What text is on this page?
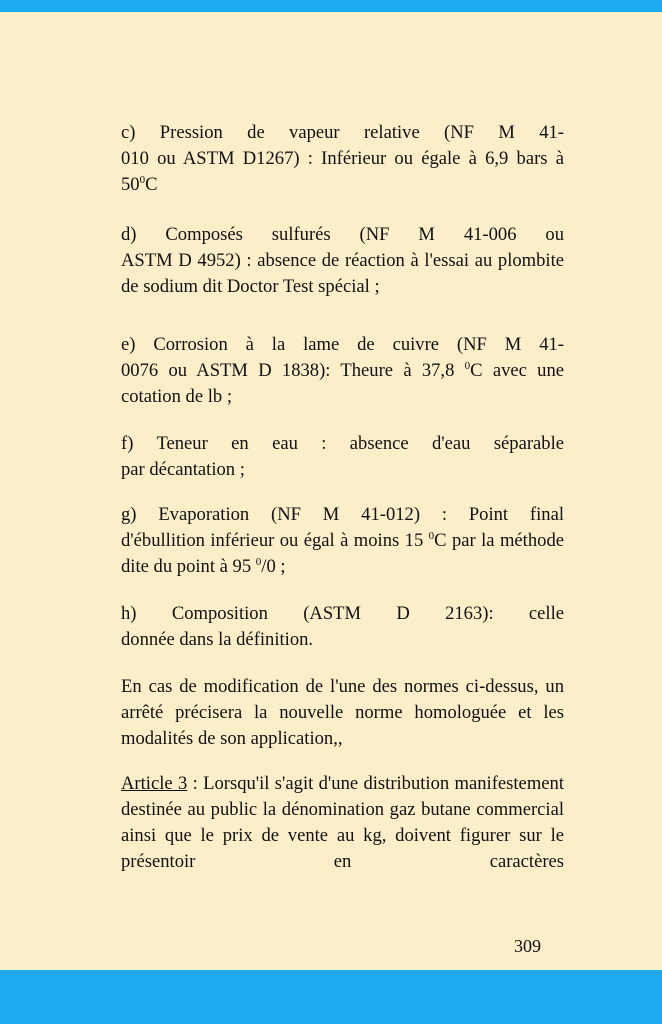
c) Pression de vapeur relative (NF M 41-

010 ou ASTM D1267) : Inférieur ou égale à 6,9 bars à $50^0C$

d) Composés sulfurés (NF M 41-006 ou

ASTM D 4952) : absence de réaction à l'essai au plombite de sodium dit Doctor Test spécial ;

e) Corrosion à la lame de cuivre (NF M 41-

0076 ou ASTM D 1838): Theure à 37,8 $^0$C avec une cotation de lb ;

f) Teneur en eau : absence d'eau séparable

par décantation ;

g) Evaporation (NF M 41-012) : Point final

d'ébullition inférieur ou égal à moins 15 $^0$C par la méthode dite du point à 95 $^0$/0 ;

h) Composition (ASTM D 2163): celle

donnée dans la définition.

En cas de modification de l'une des normes ci-dessus, un arrêté précisera la nouvelle norme homologuée et les modalités de son application,,

Article 3 : Lorsqu'il s'agit d'une distribution manifestement destinée au public la dénomination gaz butane commercial ainsi que le prix de vente au kg, doivent figurer sur le présentoir en caractères

309
